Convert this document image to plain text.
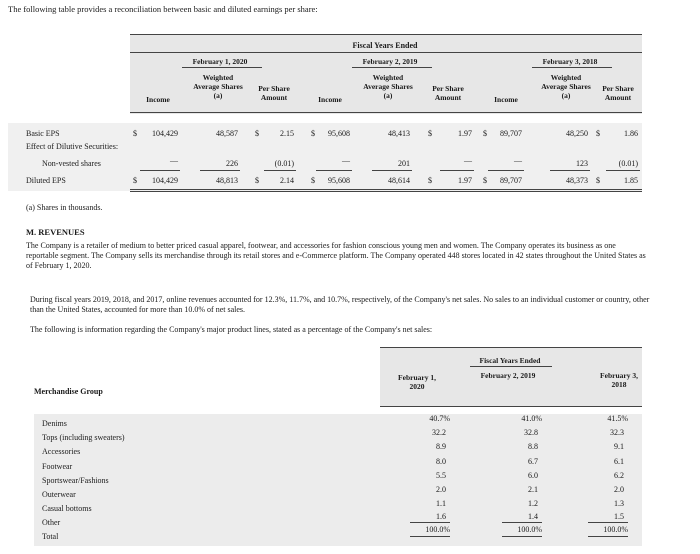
The following table provides a reconciliation between basic and diluted earnings per share:
Fiscal Years Ended
February 1, 2020	February 2, 2019	February 3, 2018
Income
Weighted Average Shares (a)
Per Share Amount	Income
Weighted Average Shares (a)
Per Share Amount	Income
Weighted Average Shares (a)
Per Share Amount
Basic EPS	$	104,429	48,587 $	2.15 $	95,608	48,413 $	1.97 $	89,707	48,250 $	1.86
Effect of Dilutive Securities:
Non-vested shares	—	226	(0.01)	—	201	—	—	123	(0.01)
Diluted EPS	$	104,429	48,813 $	2.14 $	95,608	48,614 $	1.97 $	89,707	48,373 $	1.85
(a) Shares in thousands.
M. REVENUES
The Company is a retailer of medium to better priced casual apparel, footwear, and accessories for fashion conscious young men and women. The Company operates its business as one reportable segment. The Company sells its merchandise through its retail stores and e-Commerce platform. The Company operated 448 stores located in 42 states throughout the United States as of February 1, 2020.
During fiscal years 2019, 2018, and 2017, online revenues accounted for 12.3%, 11.7%, and 10.7%, respectively, of the Company's net sales. No sales to an individual customer or country, other than the United States, accounted for more than 10.0% of net sales.
The following is information regarding the Company's major product lines, stated as a percentage of the Company's net sales:
Fiscal Years Ended
February 1, 2020
February 2, 2019	February 3, 2018
Merchandise Group
Denims
40.7%	41.0%	41.5%
Tops (including sweaters)
32.2	32.8	32.3
Accessories
8.9	8.8	9.1
Footwear
8.0	6.7	6.1
Sportswear/Fashions
5.5	6.0	6.2
Outerwear
2.0	2.1	2.0
Casual bottoms
1.1	1.2	1.3
Other
1.6	1.4	1.5
Total
100.0%	100.0%	100.0%
